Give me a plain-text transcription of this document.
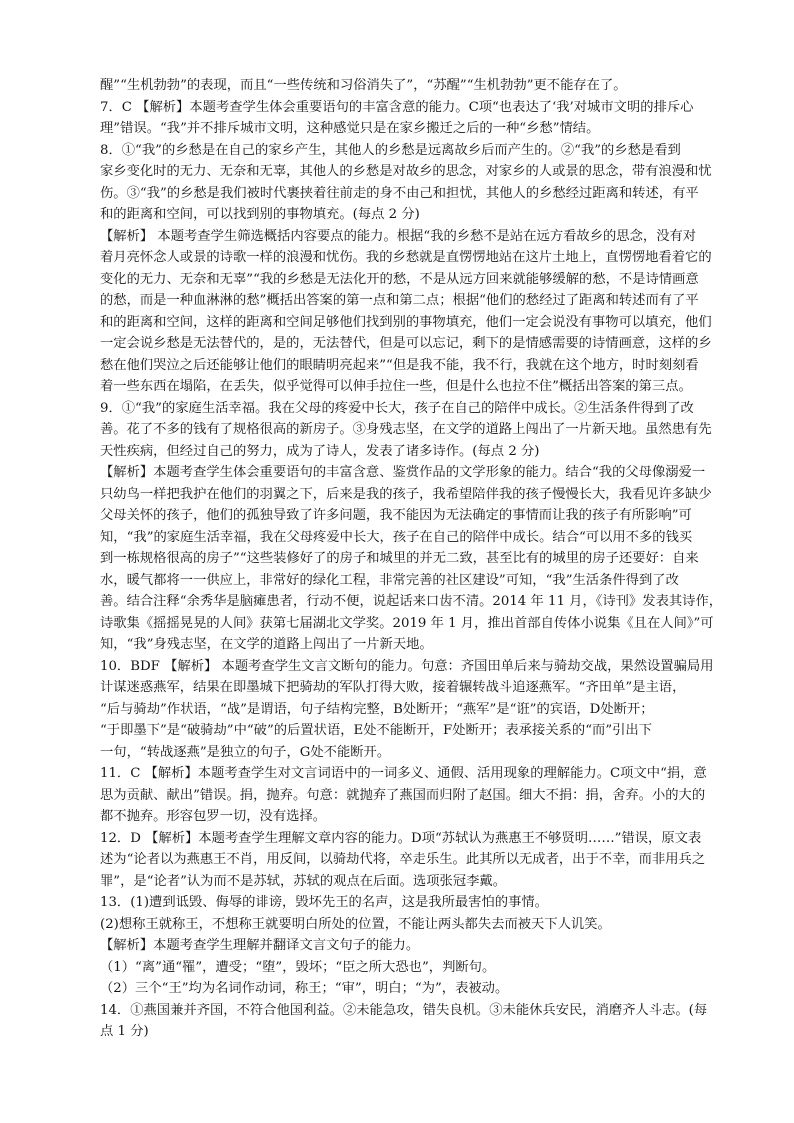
醒”“生机勃勃”的表现，而且“一些传统和习俗消失了”，“苏醒”“生机勃勃”更不能存在了。
7．C 【解析】本题考查学生体会重要语句的丰富含意的能力。C项“也表达了‘我’对城市文明的排斥心
理”错误。“我”并不排斥城市文明，这种感觉只是在家乡搬迁之后的一种“乡愁”情结。
8．①“我”的乡愁是在自己的家乡产生，其他人的乡愁是远离故乡后而产生的。②“我”的乡愁是看到
家乡变化时的无力、无奈和无辜，其他人的乡愁是对故乡的思念，对家乡的人或景的思念，带有浪漫和忧
伤。③“我”的乡愁是我们被时代裹挟着往前走的身不由己和担忧，其他人的乡愁经过距离和转述，有平
和的距离和空间，可以找到别的事物填充。(每点 2 分)
【解析】 本题考查学生筛选概括内容要点的能力。根据“我的乡愁不是站在远方看故乡的思念，没有对
着月亮怀念人或景的诗歌一样的浪漫和忧伤。我的乡愁就是直愣愣地站在这片土地上，直愣愣地看着它的
变化的无力、无奈和无辜”“我的乡愁是无法化开的愁，不是从远方回来就能够缓解的愁，不是诗情画意
的愁，而是一种血淋淋的愁”概括出答案的第一点和第二点；根据“他们的愁经过了距离和转述而有了平
和的距离和空间，这样的距离和空间足够他们找到别的事物填充，他们一定会说没有事物可以填充，他们
一定会说乡愁是无法替代的，是的，无法替代，但是可以忘记，剩下的是情感需要的诗情画意，这样的乡
愁在他们哭泣之后还能够让他们的眼睛明亮起来”“但是我不能，我不行，我就在这个地方，时时刻刻看
着一些东西在塌陷，在丢失，似乎觉得可以伸手拉住一些，但是什么也拉不住”概括出答案的第三点。
9．①“我”的家庭生活幸福。我在父母的疼爱中长大，孩子在自己的陪伴中成长。②生活条件得到了改
善。花了不多的钱有了规格很高的新房子。③身残志坚，在文学的道路上闯出了一片新天地。虽然患有先
天性疾病，但经过自己的努力，成为了诗人，发表了诸多诗作。(每点 2 分)
【解析】本题考查学生体会重要语句的丰富含意、鉴赏作品的文学形象的能力。结合“我的父母像溺爱一
只幼鸟一样把我护在他们的羽翼之下，后来是我的孩子，我希望陪伴我的孩子慢慢长大，我看见许多缺少
父母关怀的孩子，他们的孤独导致了许多问题，我不能因为无法确定的事情而让我的孩子有所影响”可
知，“我”的家庭生活幸福，我在父母疼爱中长大，孩子在自己的陪伴中成长。结合“可以用不多的钱买
到一栋规格很高的房子”“这些装修好了的房子和城里的并无二致，甚至比有的城里的房子还要好：自来
水，暖气都将一一供应上，非常好的绿化工程，非常完善的社区建设”可知，“我”生活条件得到了改
善。结合注释“余秀华是脑瘫患者，行动不便，说起话来口齿不清。2014 年 11 月，《诗刊》发表其诗作，
诗歌集《摇摇晃晃的人间》获第七届湖北文学奖。2019 年 1 月，推出首部自传体小说集《且在人间》”可
知，“我”身残志坚，在文学的道路上闯出了一片新天地。
10．BDF 【解析】 本题考查学生文言文断句的能力。句意：齐国田单后来与骑劫交战，果然设置骗局用
计谋迷惑燕军，结果在即墨城下把骑劫的军队打得大败，接着辗转战斗追逐燕军。“齐田单”是主语，
“后与骑劫”作状语，“战”是谓语，句子结构完整，B处断开；“燕军”是“诳”的宾语，D处断开；
“于即墨下”是“破骑劫”中“破”的后置状语，E处不能断开，F处断开；表承接关系的“而”引出下
一句，“转战逐燕”是独立的句子，G处不能断开。
11．C 【解析】本题考查学生对文言词语中的一词多义、通假、活用现象的理解能力。C项文中“捐，意
思为贡献、献出”错误。捐，抛弃。句意：就抛弃了燕国而归附了赵国。细大不捐：捐，舍弃。小的大的
都不抛弃。形容包罗一切，没有选择。
12．D 【解析】本题考查学生理解文章内容的能力。D项“苏轼认为燕惠王不够贤明……”错误，原文表
述为“论者以为燕惠王不肖，用反间，以骑劫代将，卒走乐生。此其所以无成者，出于不幸，而非用兵之
罪”，是“论者”认为而不是苏轼，苏轼的观点在后面。选项张冠李戴。
13．(1)遭到诋毁、侮辱的诽谤，毁坏先王的名声，这是我所最害怕的事情。
(2)想称王就称王，不想称王就要明白所处的位置，不能让两头都失去而被天下人讥笑。
【解析】本题考查学生理解并翻译文言文句子的能力。
（1）“离”通“罹”，遭受；“堕”，毁坏；“臣之所大恐也”，判断句。
（2）三个“王”均为名词作动词，称王；“审”，明白；“为”，表被动。
14．①燕国兼并齐国，不符合他国利益。②未能急攻，错失良机。③未能休兵安民，消磨齐人斗志。(每
点 1 分)
